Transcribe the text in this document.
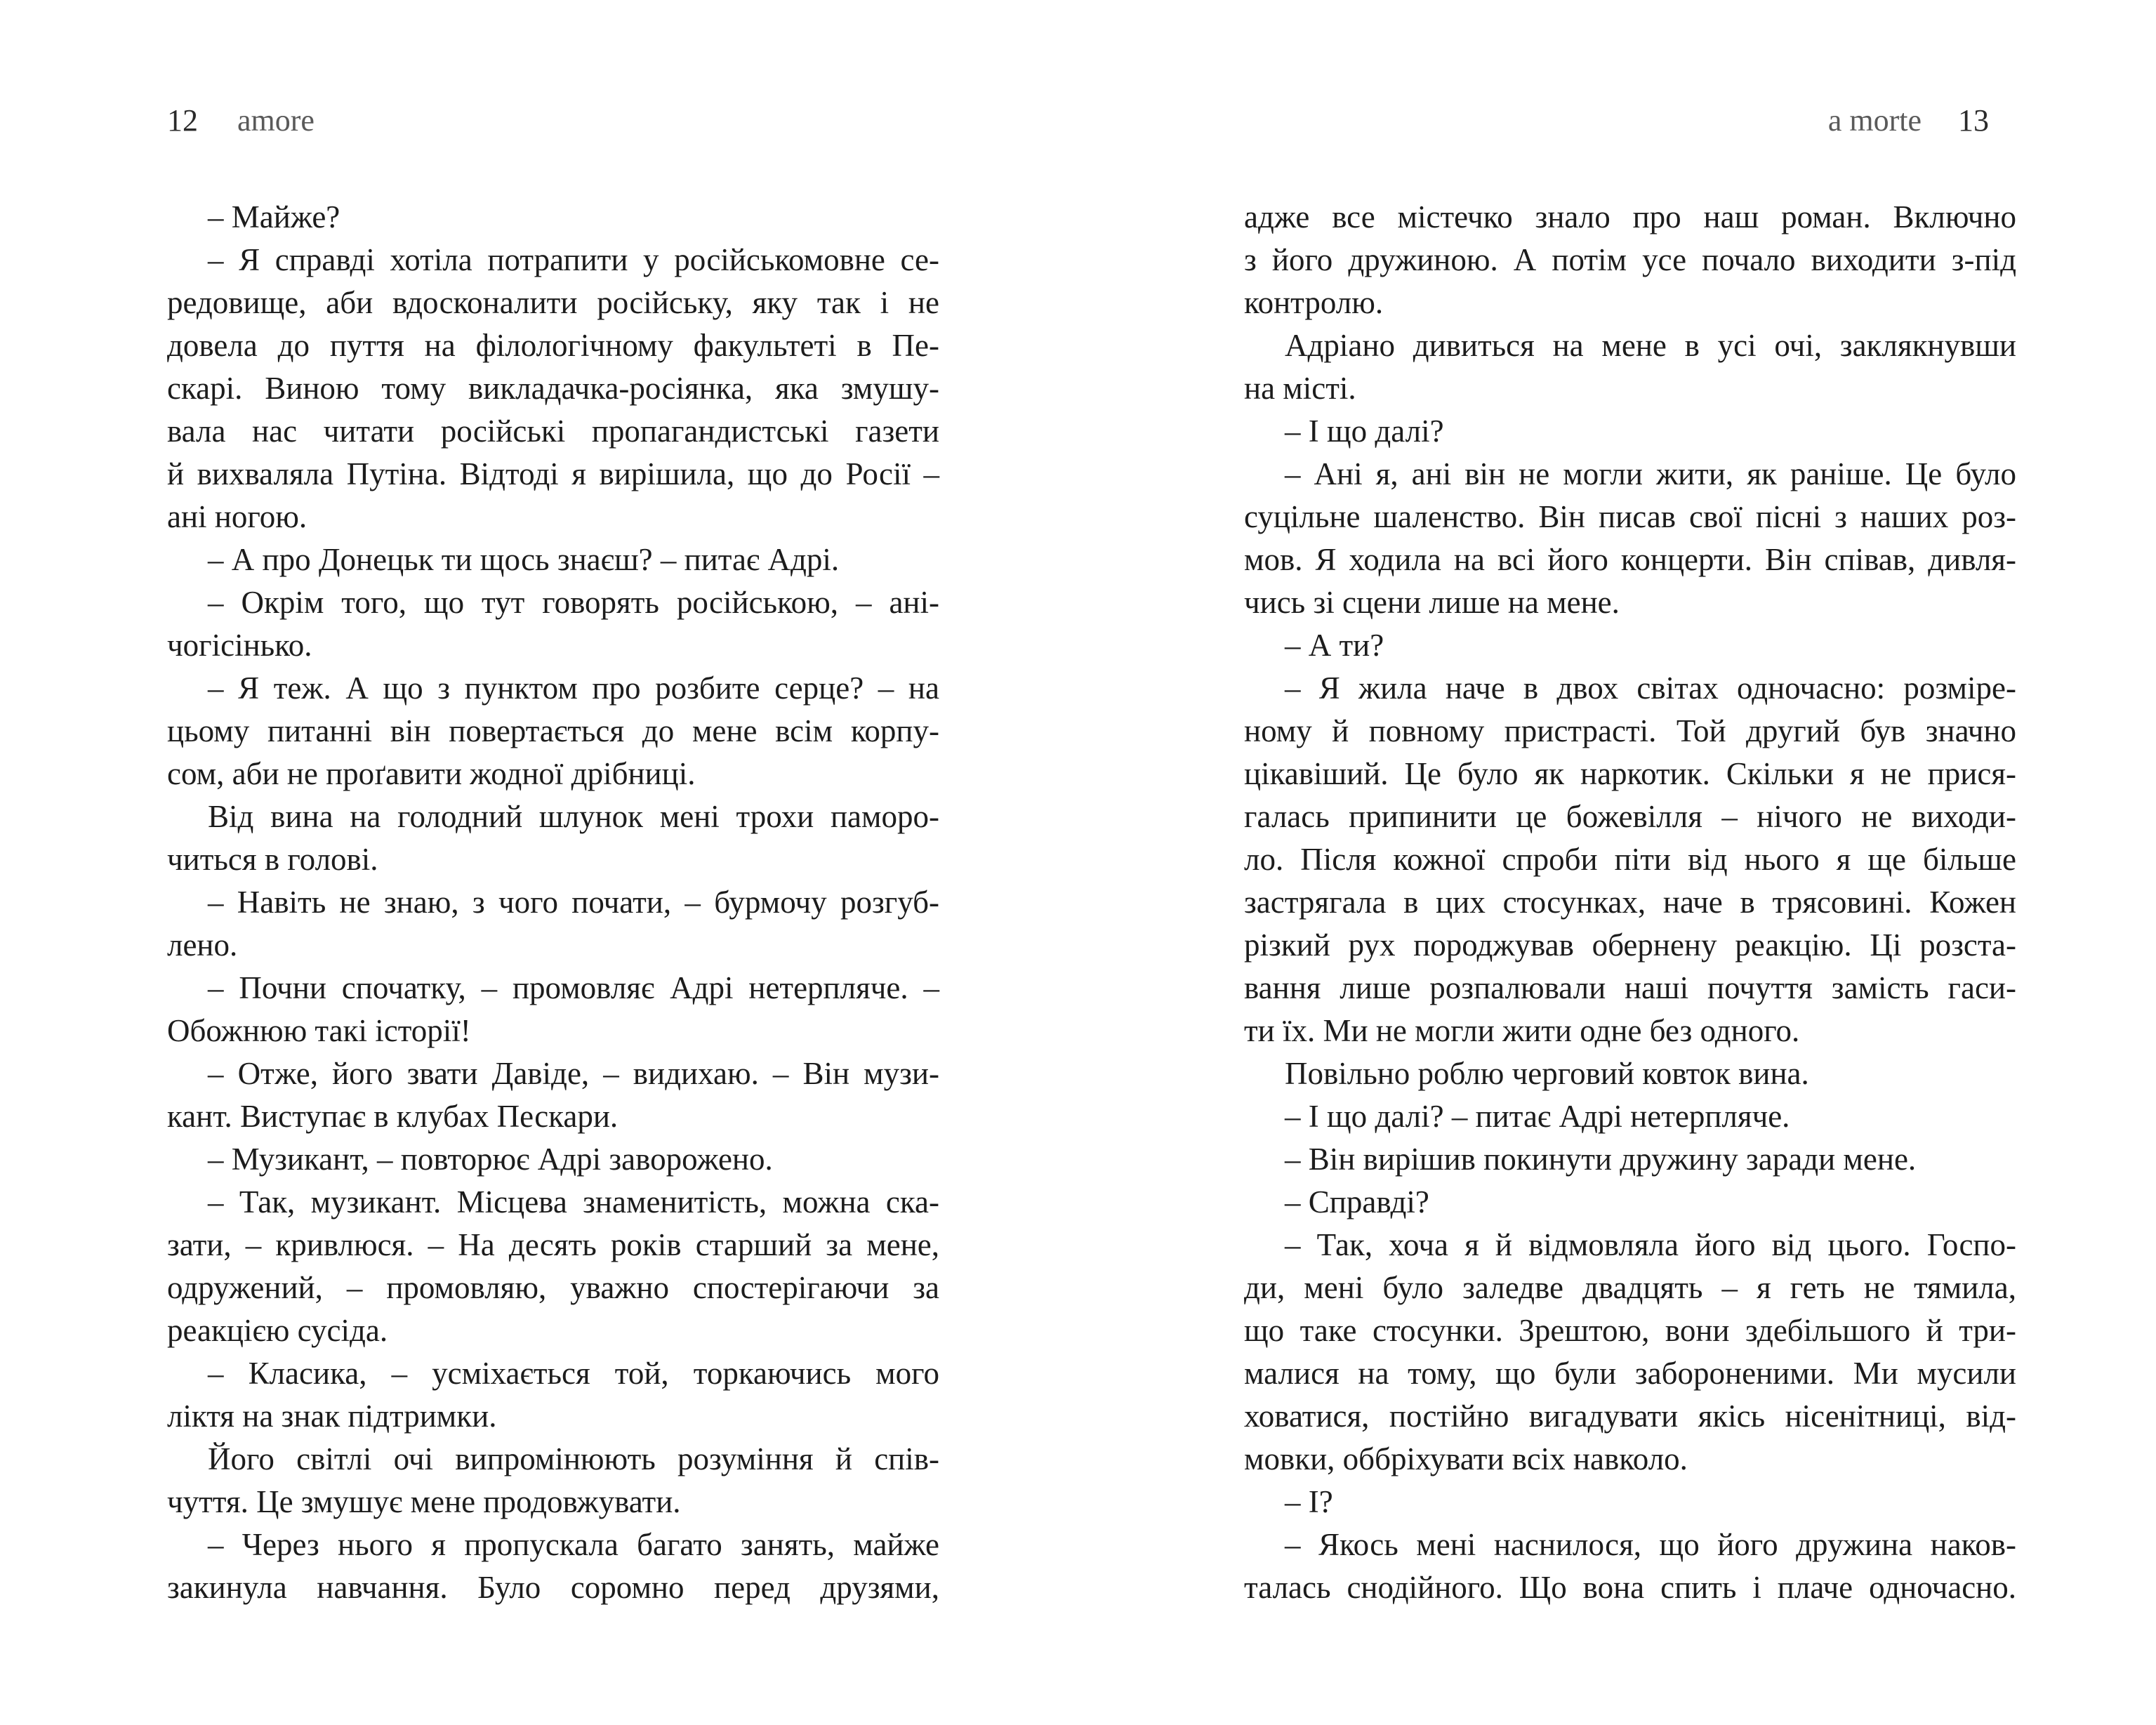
12 amore
– Майже?
– Я справді хотіла потрапити у російськомовне се-
редовище, аби вдосконалити російську, яку так і не
довела до пуття на філологічному факультеті в Пе-
скарі. Виною тому викладачка-росіянка, яка змушу-
вала нас читати російські пропагандистські газети
й вихваляла Путіна. Відтоді я вирішила, що до Росії –
ані ногою.
– А про Донецьк ти щось знаєш? – питає Адрі.
– Окрім того, що тут говорять російською, – ані-
чогісінько.
– Я теж. А що з пунктом про розбите серце? – на
цьому питанні він повертається до мене всім корпу-
сом, аби не проґавити жодної дрібниці.
Від вина на голодний шлунок мені трохи паморо-
читься в голові.
– Навіть не знаю, з чого почати, – бурмочу розгуб-
лено.
– Почни спочатку, – промовляє Адрі нетерпляче. –
Обожнюю такі історії!
– Отже, його звати Давіде, – видихаю. – Він музи-
кант. Виступає в клубах Пескари.
– Музикант, – повторює Адрі заворожено.
– Так, музикант. Місцева знаменитість, можна ска-
зати, – кривлюся. – На десять років старший за мене,
одружений, – промовляю, уважно спостерігаючи за
реакцією сусіда.
– Класика, – усміхається той, торкаючись мого
ліктя на знак підтримки.
Його світлі очі випромінюють розуміння й спів-
чуття. Це змушує мене продовжувати.
– Через нього я пропускала багато занять, майже
закинула навчання. Було соромно перед друзями,
a morte 13
адже все містечко знало про наш роман. Включно
з його дружиною. А потім усе почало виходити з-під
контролю.
Адріано дивиться на мене в усі очі, заклякнувши
на місті.
– І що далі?
– Ані я, ані він не могли жити, як раніше. Це було
суцільне шаленство. Він писав свої пісні з наших роз-
мов. Я ходила на всі його концерти. Він співав, дивля-
чись зі сцени лише на мене.
– А ти?
– Я жила наче в двох світах одночасно: розміре-
ному й повному пристрасті. Той другий був значно
цікавіший. Це було як наркотик. Скільки я не прися-
галась припинити це божевілля – нічого не виходи-
ло. Після кожної спроби піти від нього я ще більше
застрягала в цих стосунках, наче в трясовині. Кожен
різкий рух породжував обернену реакцію. Ці розста-
вання лише розпалювали наші почуття замість гаси-
ти їх. Ми не могли жити одне без одного.
Повільно роблю черговий ковток вина.
– І що далі? – питає Адрі нетерпляче.
– Він вирішив покинути дружину заради мене.
– Справді?
– Так, хоча я й відмовляла його від цього. Госпо-
ди, мені було заледве двадцять – я геть не тямила,
що таке стосунки. Зрештою, вони здебільшого й три-
малися на тому, що були забороненими. Ми мусили
ховатися, постійно вигадувати якісь нісенітниці, від-
мовки, оббріхувати всіх навколо.
– І?
– Якось мені наснилося, що його дружина наков-
талась снодійного. Що вона спить і плаче одночасно.
